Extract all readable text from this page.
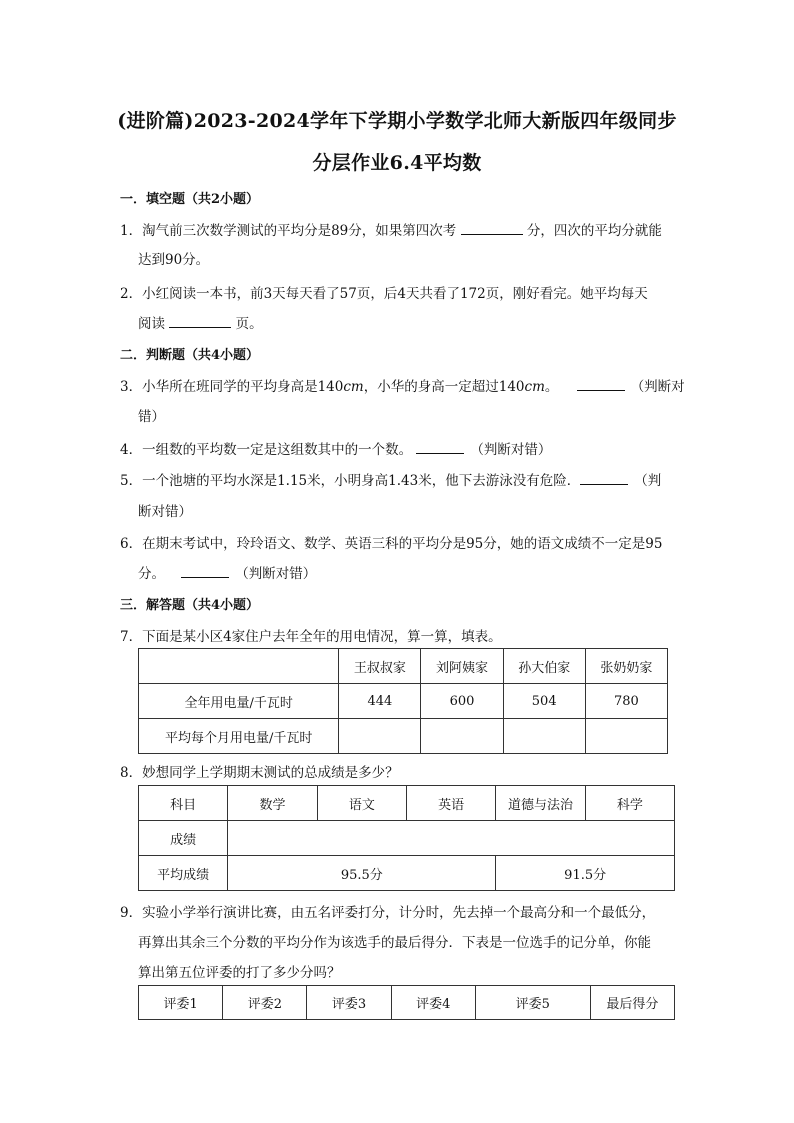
(进阶篇)2023-2024学年下学期小学数学北师大新版四年级同步
分层作业6.4平均数
一．填空题（共2小题）
1．淘气前三次数学测试的平均分是89分，如果第四次考	分，四次的平均分就能
达到90分。
2．小红阅读一本书，前3天每天看了57页，后4天共看了172页，刚好看完。她平均每天
阅读	页。
二．判断题（共4小题）
3．小华所在班同学的平均身高是140cm，小华的身高一定超过140cm。	（判断对
错）
4．一组数的平均数一定是这组数其中的一个数。	（判断对错）
5．一个池塘的平均水深是1.15米，小明身高1.43米，他下去游泳没有危险．	（判
断对错）
6．在期末考试中，玲玲语文、数学、英语三科的平均分是95分，她的语文成绩不一定是95
分。	（判断对错）
三．解答题（共4小题）
7．下面是某小区4家住户去年全年的用电情况，算一算，填表。
	王叔叔家	刘阿姨家	孙大伯家	张奶奶家
全年用电量/千瓦时	444	600	504	780
平均每个月用电量/千瓦时				
8．妙想同学上学期期末测试的总成绩是多少？
科目	数学	语文	英语	道德与法治	科学
成绩					
平均成绩	95.5分			91.5分	
9．实验小学举行演讲比赛，由五名评委打分，计分时，先去掉一个最高分和一个最低分，
再算出其余三个分数的平均分作为该选手的最后得分．下表是一位选手的记分单，你能
算出第五位评委的打了多少分吗？
评委1	评委2	评委3	评委4	评委5	最后得分
